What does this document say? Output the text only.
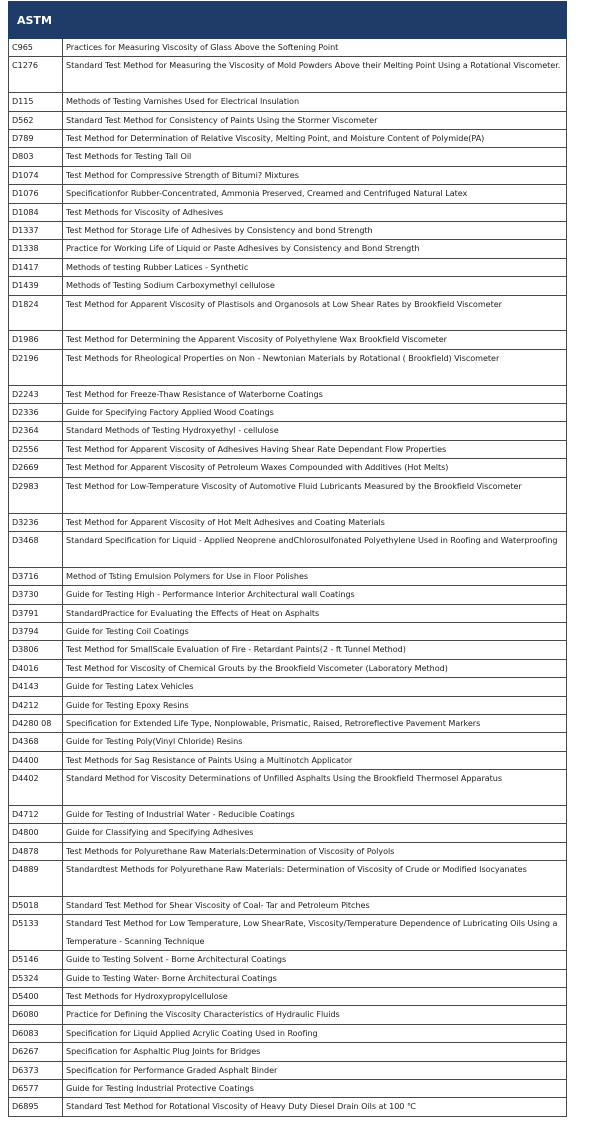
ASTM	
C965	Practices for Measuring Viscosity of Glass Above the Softening Point
C1276	Standard Test Method for Measuring the Viscosity of Mold Powders Above their Melting Point Using a Rotational Viscometer.
D115	Methods of Testing Varnishes Used for Electrical Insulation
D562	Standard Test Method for Consistency of Paints Using the Stormer Viscometer
D789	Test Method for Determination of Relative Viscosity, Melting Point, and Moisture Content of Polymide(PA)
D803	Test Methods for Testing Tall Oil
D1074	Test Method for Compressive Strength of Bitumi? Mixtures
D1076	Specificationfor Rubber-Concentrated, Ammonia Preserved, Creamed and Centrifuged Natural Latex
D1084	Test Methods for Viscosity of Adhesives
D1337	Test Method for Storage Life of Adhesives by Consistency and bond Strength
D1338	Practice for Working Life of Liquid or Paste Adhesives by Consistency and Bond Strength
D1417	Methods of testing Rubber Latices - Synthetic
D1439	Methods of Testing Sodium Carboxymethyl cellulose
D1824	Test Method for Apparent Viscosity of Plastisols and Organosols at Low Shear Rates by Brookfield Viscometer
D1986	Test Method for Determining the Apparent Viscosity of Polyethylene Wax Brookfield Viscometer
D2196	Test Methods for Rheological Properties on Non - Newtonian Materials by Rotational ( Brookfield) Viscometer
D2243	Test Method for Freeze-Thaw Resistance of Waterborne Coatings
D2336	Guide for Specifying Factory Applied Wood Coatings
D2364	Standard Methods of Testing Hydroxyethyl - cellulose
D2556	Test Method for Apparent Viscosity of Adhesives Having Shear Rate Dependant Flow Properties
D2669	Test Method for Apparent Viscosity of Petroleum Waxes Compounded with Additives (Hot Melts)
D2983	Test Method for Low-Temperature Viscosity of Automotive Fluid Lubricants Measured by the Brookfield Viscometer
D3236	Test Method for Apparent Viscosity of Hot Melt Adhesives and Coating Materials
D3468	Standard Specification for Liquid - Applied Neoprene andChlorosulfonated Polyethylene Used in Roofing and Waterproofing
D3716	Method of Tsting Emulsion Polymers for Use in Floor Polishes
D3730	Guide for Testing High - Performance Interior Architectural wall Coatings
D3791	StandardPractice for Evaluating the Effects of Heat on Asphalts
D3794	Guide for Testing Coil Coatings
D3806	Test Method for SmallScale Evaluation of Fire - Retardant Paints(2 - ft Tunnel Method)
D4016	Test Method for Viscosity of Chemical Grouts by the Brookfield Viscometer (Laboratory Method)
D4143	Guide for Testing Latex Vehicles
D4212	Guide for Testing Epoxy Resins
D4280 08	Specification for Extended Life Type, Nonplowable, Prismatic, Raised, Retroreflective Pavement Markers
D4368	Guide for Testing Poly(Vinyl Chloride) Resins
D4400	Test Methods for Sag Resistance of Paints Using a Multinotch Applicator
D4402	Standard Method for Viscosity Determinations of Unfilled Asphalts Using the Brookfield Thermosel Apparatus
D4712	Guide for Testing of Industrial Water - Reducible Coatings
D4800	Guide for Classifying and Specifying Adhesives
D4878	Test Methods for Polyurethane Raw Materials:Determination of Viscosity of Polyols
D4889	Standardtest Methods for Polyurethane Raw Materials: Determination of Viscosity of Crude or Modified Isocyanates
D5018	Standard Test Method for Shear Viscosity of Coal- Tar and Petroleum Pitches
D5133	Standard Test Method for Low Temperature, Low ShearRate, Viscosity/Temperature Dependence of Lubricating Oils Using a Temperature - Scanning Technique
D5146	Guide to Testing Solvent - Borne Architectural Coatings
D5324	Guide to Testing Water- Borne Architectural Coatings
D5400	Test Methods for Hydroxypropylcellulose
D6080	Practice for Defining the Viscosity Characteristics of Hydraulic Fluids
D6083	Specification for Liquid Applied Acrylic Coating Used in Roofing
D6267	Specification for Asphaltic Plug Joints for Bridges
D6373	Specification for Performance Graded Asphalt Binder
D6577	Guide for Testing Industrial Protective Coatings
D6895	Standard Test Method for Rotational Viscosity of Heavy Duty Diesel Drain Oils at 100 ℃
